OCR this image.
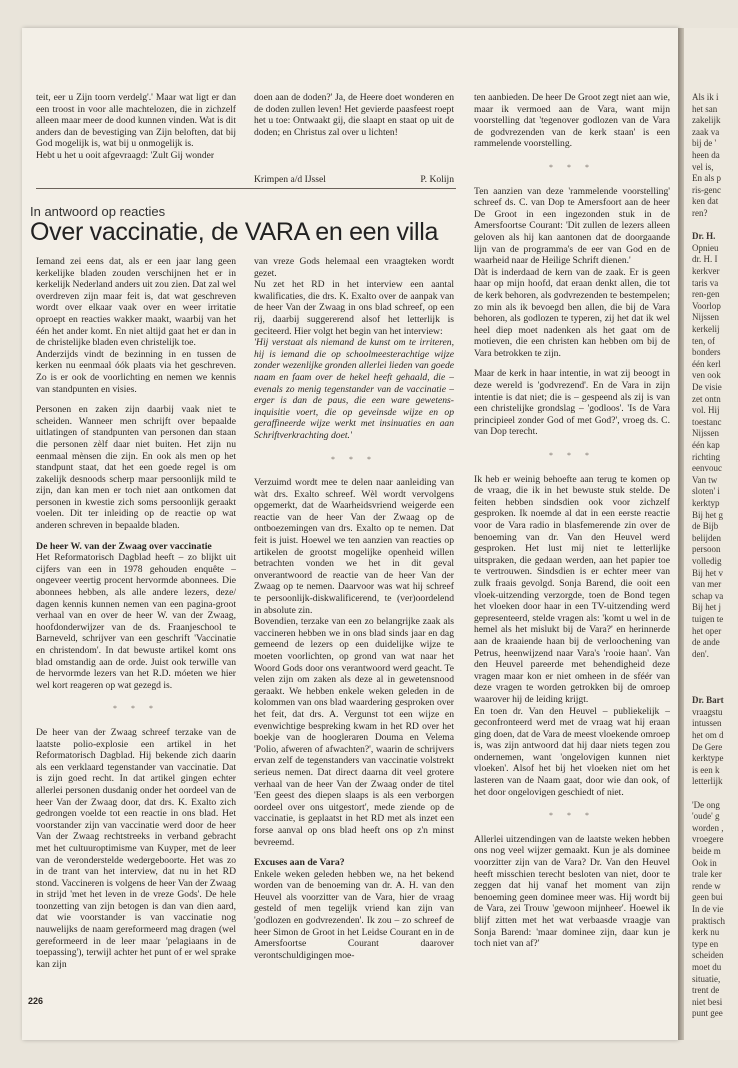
teit, eer u Zijn toorn verdelg'.' Maar wat ligt er dan een troost in voor alle machtelozen, die in zichzelf alleen maar meer de dood kunnen vinden. Wat is dit anders dan de bevestiging van Zijn beloften, dat bij God mogelijk is, wat bij u onmogelijk is.

Hebt u het u ooit afgevraagd: 'Zult Gij wonder

doen aan de doden?' Ja, de Heere doet wonderen en de doden zullen leven! Het gevierde paasfeest roept het u toe: Ontwaakt gij, die slaapt en staat op uit de doden; en Christus zal over u lichten!

Krimpen a/d IJssel	P. Kolijn
In antwoord op reacties
Over vaccinatie, de VARA en een villa

Iemand zei eens dat, als er een jaar lang geen kerkelijke bladen zouden verschijnen het er in kerkelijk Nederland anders uit zou zien. Dat zal wel overdreven zijn maar feit is, dat wat geschreven wordt over elkaar vaak over en weer irritatie oproept en reacties wakker maakt, waarbij van het één het ander komt. En niet altijd gaat het er dan in de christelijke bladen even christelijk toe.

Anderzijds vindt de bezinning in en tussen de kerken nu eenmaal óók plaats via het geschreven. Zo is er ook de voorlichting en nemen we kennis van standpunten en visies.

Personen en zaken zijn daarbij vaak niet te scheiden. Wanneer men schrijft over bepaalde uitlatingen of standpunten van personen dan staan die personen zèlf daar niet buiten. Het zijn nu eenmaal mènsen die zijn. En ook als men op het standpunt staat, dat het een goede regel is om zakelijk desnoods scherp maar persoonlijk mild te zijn, dan kan men er toch niet aan ontkomen dat personen in kwestie zich soms persoonlijk geraakt voelen. Dit ter inleiding op de reactie op wat anderen schreven in bepaalde bladen.

De heer W. van der Zwaag over vaccinatie

Het Reformatorisch Dagblad heeft – zo blijkt uit cijfers van een in 1978 gehouden enquête – ongeveer veertig procent hervormde abonnees. Die abonnees hebben, als alle andere lezers, deze/ dagen kennis kunnen nemen van een pagina-groot verhaal van en over de heer W. van der Zwaag, hoofdonderwijzer van de ds. Fraanjeschool te Barneveld, schrijver van een geschrift 'Vaccinatie en christendom'. In dat bewuste artikel komt ons blad omstandig aan de orde. Juist ook terwille van de hervormde lezers van het R.D. móeten we hier wel kort reageren op wat gezegd is.

* * *

De heer van der Zwaag schreef terzake van de laatste polio-explosie een artikel in het Reformatorisch Dagblad. Hij bekende zich daarin als een verklaard tegenstander van vaccinatie. Dat is zijn goed recht. In dat artikel gingen echter allerlei personen dusdanig onder het oordeel van de heer Van der Zwaag door, dat drs. K. Exalto zich gedrongen voelde tot een reactie in ons blad. Het voorstander zijn van vaccinatie werd door de heer Van der Zwaag rechtstreeks in verband gebracht met het cultuuroptimisme van Kuyper, met de leer van de veronderstelde wedergeboorte. Het was zo in de trant van het interview, dat nu in het RD stond. Vaccineren is volgens de heer Van der Zwaag in strijd 'met het leven in de vreze Gods'. De hele toonzetting van zijn betogen is dan van dien aard, dat wie voorstander is van vaccinatie nog nauwelijks de naam gereformeerd mag dragen (wel gereformeerd in de leer maar 'pelagiaans in de toepassing'), terwijl achter het punt of er wel sprake kan zijn

van vreze Gods helemaal een vraagteken wordt gezet.

Nu zet het RD in het interview een aantal kwalificaties, die drs. K. Exalto over de aanpak van de heer Van der Zwaag in ons blad schreef, op een rij, daarbij suggererend alsof het letterlijk is geciteerd. Hier volgt het begin van het interview:

'Hij verstaat als niemand de kunst om te irriteren, hij is iemand die op schoolmeesterachtige wijze zonder wezenlijke gronden allerlei lieden van goede naam en faam over de hekel heeft gehaald, die – evenals zo menig tegenstander van de vaccinatie – erger is dan de paus, die een ware gewetens-inquisitie voert, die op geveinsde wijze en op geraffineerde wijze werkt met insinuaties en aan Schriftverkrachting doet.'

* * *

Verzuimd wordt mee te delen naar aanleiding van wàt drs. Exalto schreef. Wèl wordt vervolgens opgemerkt, dat de Waarheidsvriend weigerde een reactie van de heer Van der Zwaag op de ontboezemingen van drs. Exalto op te nemen. Dat feit is juist. Hoewel we ten aanzien van reacties op artikelen de grootst mogelijke openheid willen betrachten vonden we het in dit geval onverantwoord de reactie van de heer Van der Zwaag op te nemen. Daarvoor was wat hij schreef te persoonlijk-diskwalificerend, te (ver)oordelend in absolute zin.

Bovendien, terzake van een zo belangrijke zaak als vaccineren hebben we in ons blad sinds jaar en dag gemeend de lezers op een duidelijke wijze te moeten voorlichten, op grond van wat naar het Woord Gods door ons verantwoord werd geacht. Te velen zijn om zaken als deze al in gewetensnood geraakt. We hebben enkele weken geleden in de kolommen van ons blad waardering gesproken over het feit, dat drs. A. Vergunst tot een wijze en evenwichtige bespreking kwam in het RD over het boekje van de hoogleraren Douma en Velema 'Polio, afweren of afwachten?', waarin de schrijvers ervan zelf de tegenstanders van vaccinatie volstrekt serieus nemen. Dat direct daarna dit veel grotere verhaal van de heer Van der Zwaag onder de titel 'Een geest des diepen slaaps is als een verborgen oordeel over ons uitgestort', mede ziende op de vaccinatie, is geplaatst in het RD met als inzet een forse aanval op ons blad heeft ons op z'n minst bevreemd.

Excuses aan de Vara?

Enkele weken geleden hebben we, na het bekend worden van de benoeming van dr. A. H. van den Heuvel als voorzitter van de Vara, hier de vraag gesteld of men tegelijk vriend kan zijn van 'godlozen en godvrezenden'. Ik zou – zo schreef de heer Simon de Groot in het Leidse Courant en in de Amersfoortse Courant daarover verontschuldigingen moe-

ten aanbieden. De heer De Groot zegt niet aan wie, maar ik vermoed aan de Vara, want mijn voorstelling dat 'tegenover godlozen van de Vara de godvrezenden van de kerk staan' is een rammelende voorstelling.

* * *

Ten aanzien van deze 'rammelende voorstelling' schreef ds. C. van Dop te Amersfoort aan de heer De Groot in een ingezonden stuk in de Amersfoortse Courant: 'Dit zullen de lezers alleen geloven als hij kan aantonen dat de doorgaande lijn van de programma's de eer van God en de waarheid naar de Heilige Schrift dienen.'

Dàt is inderdaad de kern van de zaak. Er is geen haar op mijn hoofd, dat eraan denkt allen, die tot de kerk behoren, als godvrezenden te bestempelen; zo min als ik bevoegd ben allen, die bij de Vara behoren, als godlozen te typeren, zij het dat ik wel heel diep moet nadenken als het gaat om de motieven, die een christen kan hebben om bij de Vara betrokken te zijn.

Maar de kerk in haar intentie, in wat zij beoogt in deze wereld is 'godvrezend'. En de Vara in zijn intentie is dat niet; die is – gespeend als zij is van een christelijke grondslag – 'godloos'. 'Is de Vara principieel zonder God of met God?', vroeg ds. C. van Dop terecht.

* * *

Ik heb er weinig behoefte aan terug te komen op de vraag, die ik in het bewuste stuk stelde. De feiten hebben sindsdien ook voor zichzelf gesproken. Ik noemde al dat in een eerste reactie voor de Vara radio in blasfemerende zin over de benoeming van dr. Van den Heuvel werd gesproken. Het lust mij niet te letterlijke uitspraken, die gedaan werden, aan het papier toe te vertrouwen. Sindsdien is er echter meer van zulk fraais gevolgd. Sonja Barend, die ooit een vloek-uitzending verzorgde, toen de Bond tegen het vloeken door haar in een TV-uitzending werd gepresenteerd, stelde vragen als: 'komt u wel in de hemel als het mislukt bij de Vara?' en herinnerde aan de kraaiende haan bij de verloochening van Petrus, heenwijzend naar Vara's 'rooie haan'. Van den Heuvel pareerde met behendigheid deze vragen maar kon er niet omheen in de sféér van deze vragen te worden getrokken bij de omroep waarover hij de leiding krijgt.

En toen dr. Van den Heuvel – publiekelijk – geconfronteerd werd met de vraag wat hij eraan ging doen, dat de Vara de meest vloekende omroep is, was zijn antwoord dat hij daar niets tegen zou ondernemen, want 'ongelovigen kunnen niet vloeken'. Alsof het bij het vloeken niet om het lasteren van de Naam gaat, door wie dan ook, of het door ongelovigen geschiedt of niet.

* * *

Allerlei uitzendingen van de laatste weken hebben ons nog veel wijzer gemaakt. Kun je als dominee voorzitter zijn van de Vara? Dr. Van den Heuvel heeft misschien terecht besloten van niet, door te zeggen dat hij vanaf het moment van zijn benoeming geen dominee meer was. Hij wordt bij de Vara, zei Trouw 'gewoon mijnheer'. Hoewel ik blijf zitten met het wat verbaasde vraagje van Sonja Barend: 'maar dominee zijn, daar kun je toch niet van af?'

226
Als ik i
het san
zakelijk
zaak va
bij de '
heen da
vel is,
En als p
ris-genc
ken dat
ren?
Dr. H.
Opnieu
dr. H. I
kerkver
taris va
ren-gen
Voorlop
Nijssen
kerkelij
ten, of
bonders
één kerl
ven ook
De visie
zet ontn
vol. Hij
toestanc
Nijssen
één kap
richting
eenvouc
Van tw
sloten' i
kerktyp
Bij het g
de Bijb
belijden
persoon
volledig
Bij het v
van mer
schap va
Bij het j
tuigen te
het oper
de ande
den'.
Dr. Bart
vraagstu
intussen
het om d
De Gere
kerktype
is een k
letterlijk
'De ong
'oude' g
worden ,
vroegere
beide m
Ook in
trale ker
rende w
geen bui
In de vie
praktisch
kerk nu
type en
scheiden
moet du
situatie,
trent de
niet besi
punt gee
